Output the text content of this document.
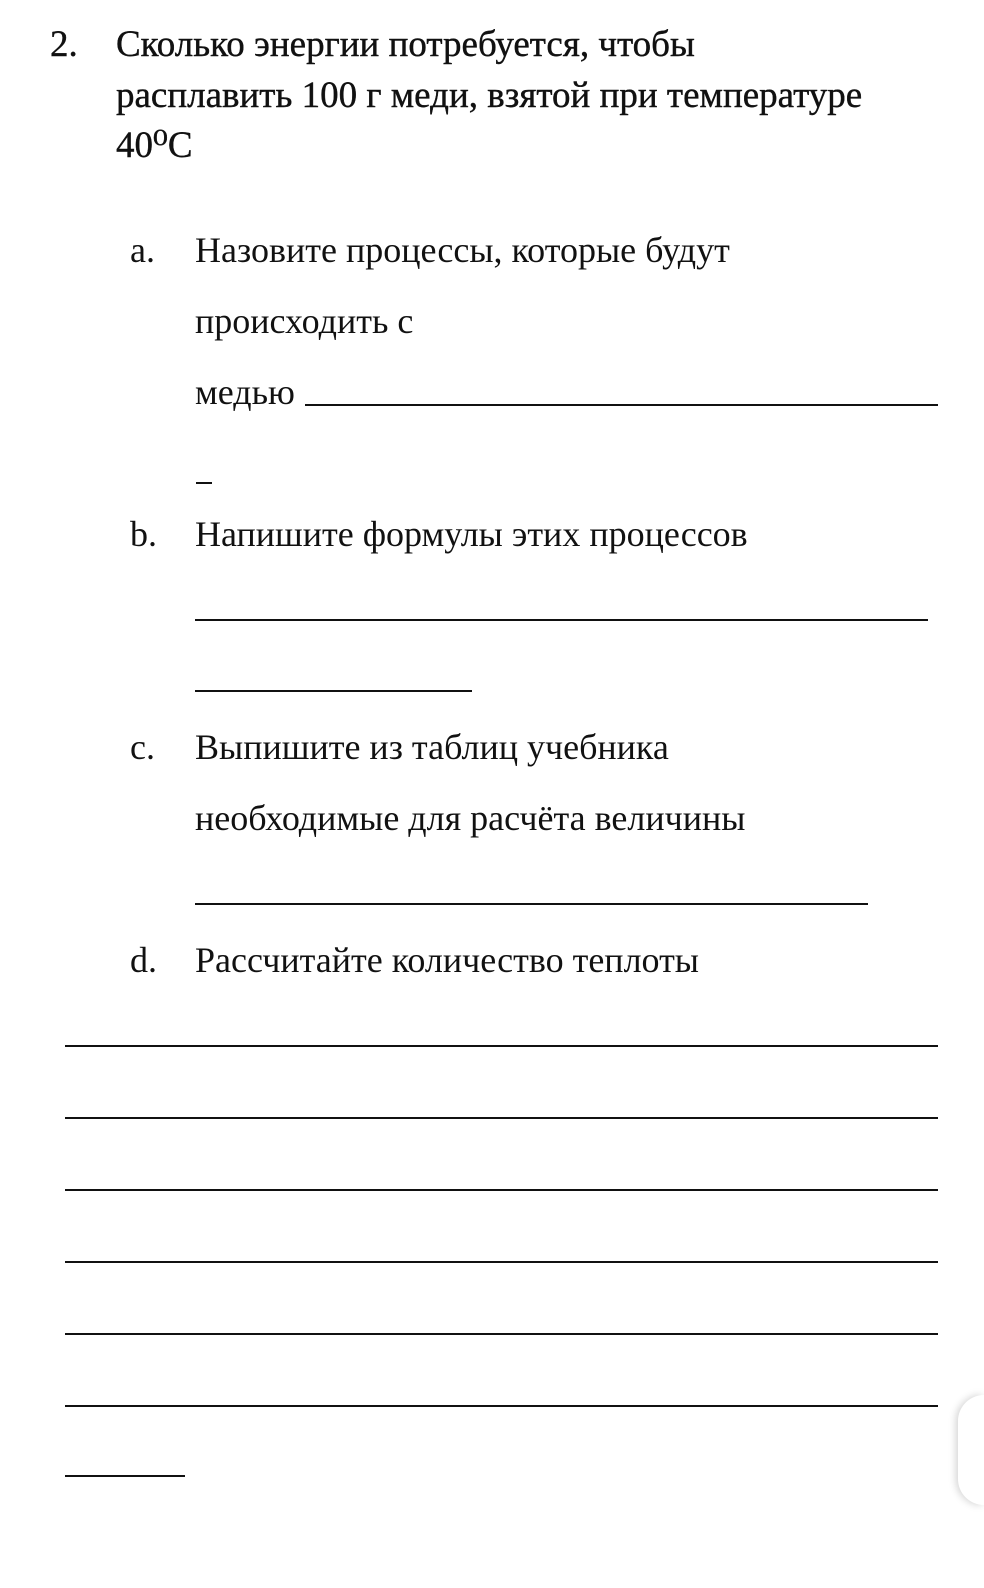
2. Сколько энергии потребуется, чтобы
расплавить 100 г меди, взятой при температуре
40⁰C
a. Назовите процессы, которые будут
происходить с
медью
b. Напишите формулы этих процессов
c. Выпишите из таблиц учебника
необходимые для расчёта величины
d. Рассчитайте количество теплоты
